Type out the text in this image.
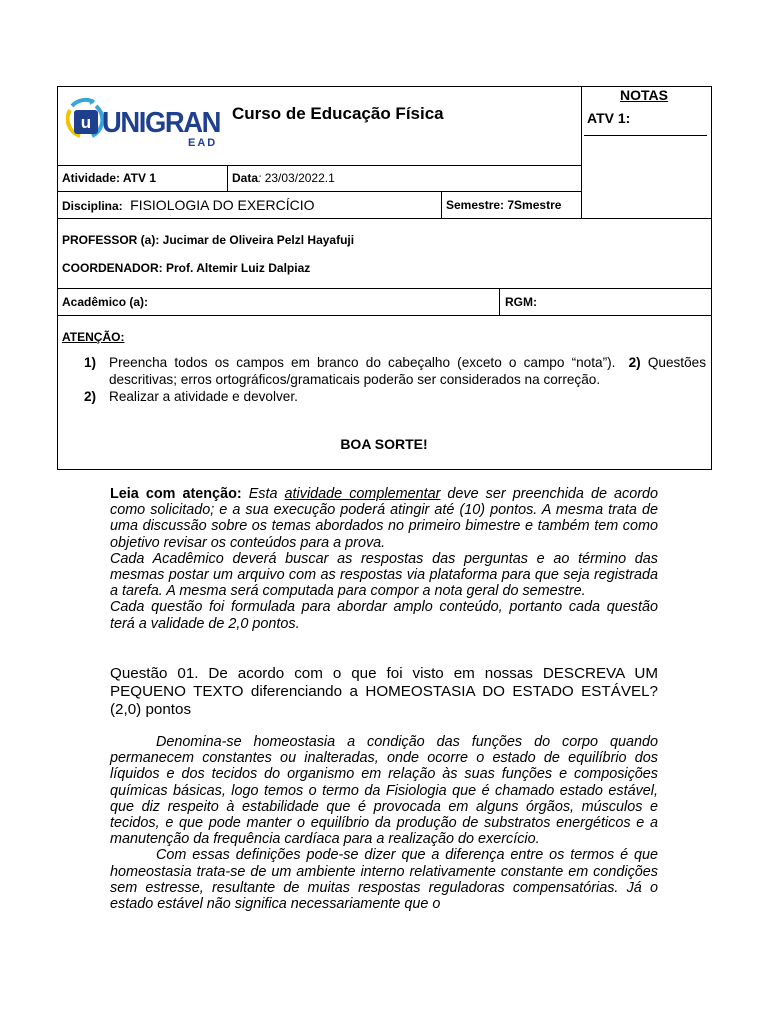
u UNIGRAN
EAD
Curso de Educação Física
NOTAS
ATV 1:
Atividade: ATV 1	Data: 23/03/2022.1
Disciplina: FISIOLOGIA DO EXERCÍCIO	Semestre: 7Smestre
PROFESSOR (a): Jucimar de Oliveira Pelzl Hayafuji
COORDENADOR: Prof. Altemir Luiz Dalpiaz
Acadêmico (a):	RGM:
ATENÇÃO:
1) Preencha todos os campos em branco do cabeçalho (exceto o campo “nota”). 2) Questões descritivas; erros ortográficos/gramaticais poderão ser considerados na correção.
2) Realizar a atividade e devolver.
BOA SORTE!

Leia com atenção: Esta atividade complementar deve ser preenchida de acordo como solicitado; e a sua execução poderá atingir até (10) pontos. A mesma trata de uma discussão sobre os temas abordados no primeiro bimestre e também tem como objetivo revisar os conteúdos para a prova.

Cada Acadêmico deverá buscar as respostas das perguntas e ao término das mesmas postar um arquivo com as respostas via plataforma para que seja registrada a tarefa. A mesma será computada para compor a nota geral do semestre.

Cada questão foi formulada para abordar amplo conteúdo, portanto cada questão terá a validade de 2,0 pontos.

Questão 01. De acordo com o que foi visto em nossas DESCREVA UM PEQUENO TEXTO diferenciando a HOMEOSTASIA DO ESTADO ESTÁVEL? (2,0) pontos

Denomina-se homeostasia a condição das funções do corpo quando permanecem constantes ou inalteradas, onde ocorre o estado de equilíbrio dos líquidos e dos tecidos do organismo em relação às suas funções e composições químicas básicas, logo temos o termo da Fisiologia que é chamado estado estável, que diz respeito à estabilidade que é provocada em alguns órgãos, músculos e tecidos, e que pode manter o equilíbrio da produção de substratos energéticos e a manutenção da frequência cardíaca para a realização do exercício.

Com essas definições pode-se dizer que a diferença entre os termos é que homeostasia trata-se de um ambiente interno relativamente constante em condições sem estresse, resultante de muitas respostas reguladoras compensatórias. Já o estado estável não significa necessariamente que o
